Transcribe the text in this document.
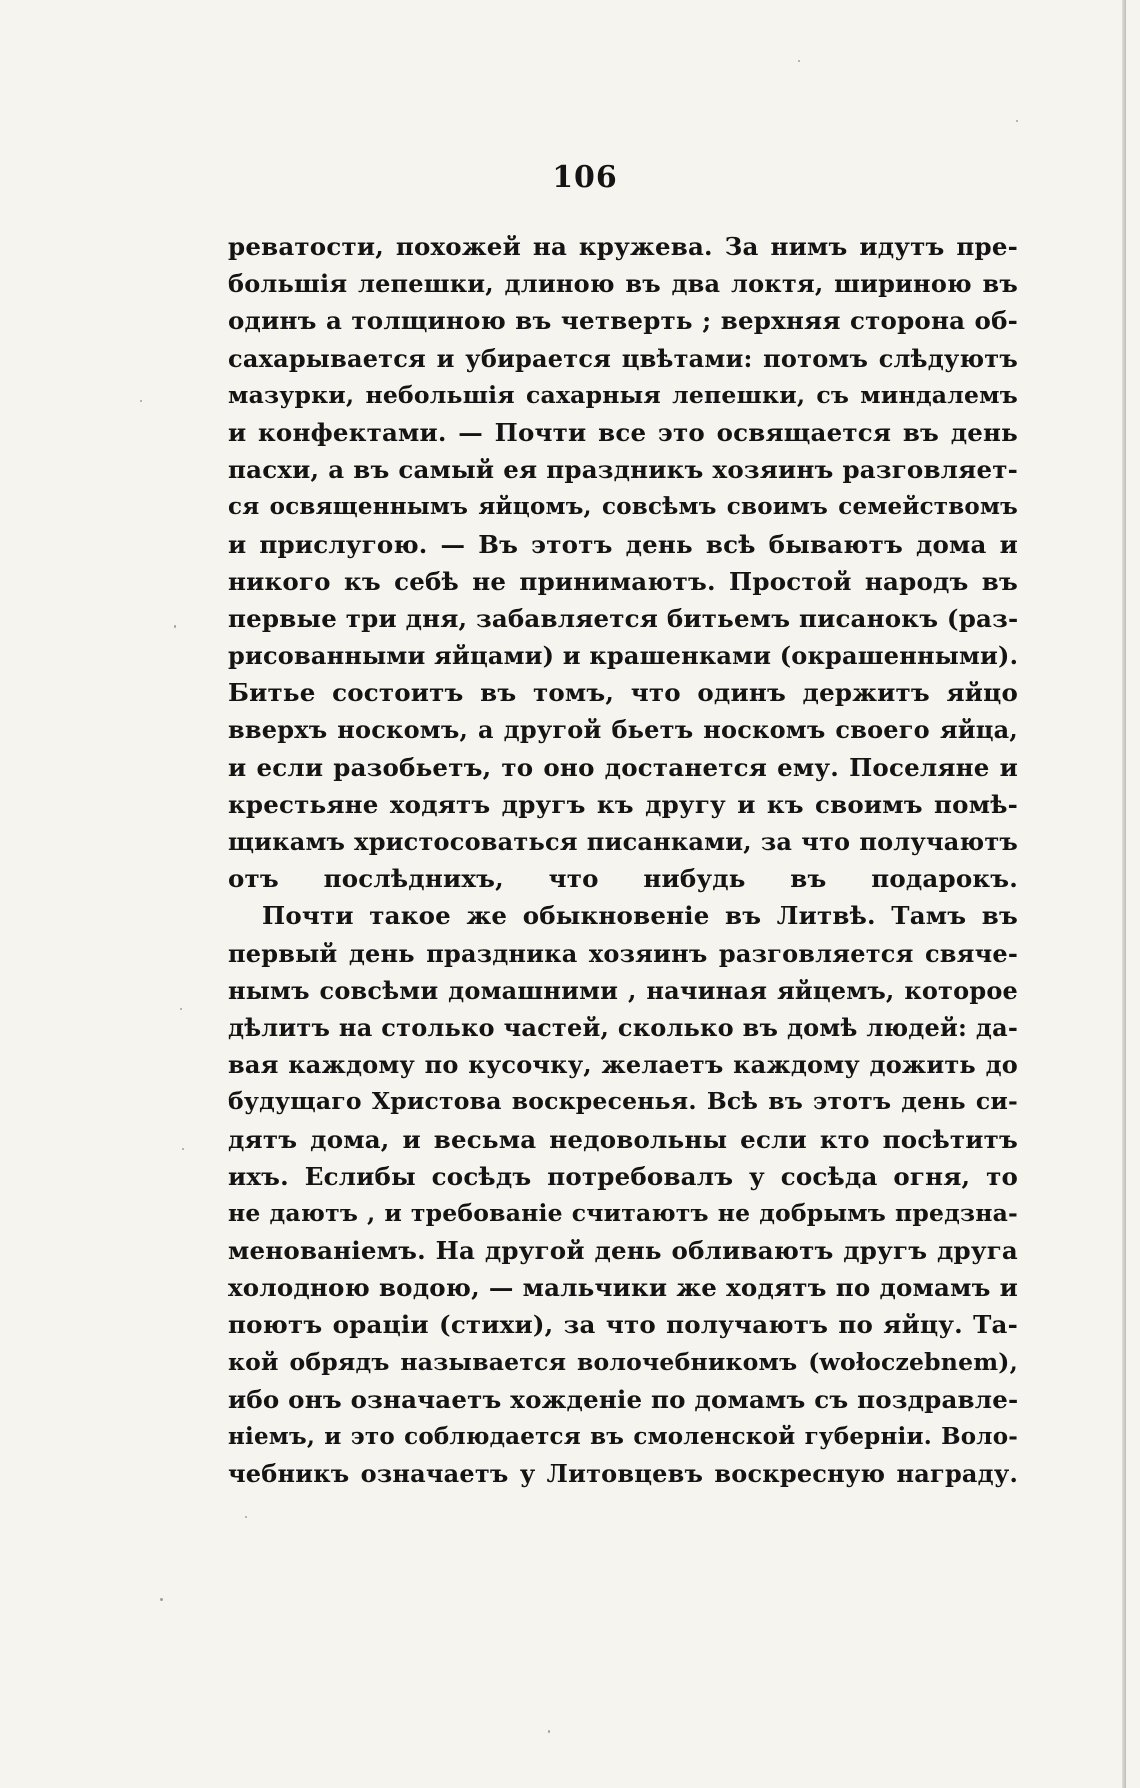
106
реватости, похожей на кружева. За нимъ идутъ пре-
большія лепешки, длиною въ два локтя, шириною въ
одинъ а толщиною въ четверть ; верхняя сторона об-
сахарывается и убирается цвѣтами: потомъ слѣдуютъ
мазурки, небольшія сахарныя лепешки, съ миндалемъ
и конфектами. — Почти все это освящается въ день
пасхи, а въ самый ея праздникъ хозяинъ разговляет-
ся освященнымъ яйцомъ, совсѣмъ своимъ семействомъ
и прислугою. — Въ этотъ день всѣ бываютъ дома и
никого къ себѣ не принимаютъ. Простой народъ въ
первые три дня, забавляется битьемъ писанокъ (раз-
рисованными яйцами) и крашенками (окрашенными).
Битье состоитъ въ томъ, что одинъ держитъ яйцо
вверхъ носкомъ, а другой бьетъ носкомъ своего яйца,
и если разобьетъ, то оно достанется ему. Поселяне и
крестьяне ходятъ другъ къ другу и къ своимъ помѣ-
щикамъ христосоваться писанками, за что получаютъ
отъ послѣднихъ, что нибудь въ подарокъ.
Почти такое же обыкновеніе въ Литвѣ. Тамъ въ
первый день праздника хозяинъ разговляется свяче-
нымъ совсѣми домашними , начиная яйцемъ, которое
дѣлитъ на столько частей, сколько въ домѣ людей: да-
вая каждому по кусочку, желаетъ каждому дожить до
будущаго Христова воскресенья. Всѣ въ этотъ день си-
дятъ дома, и весьма недовольны если кто посѣтитъ
ихъ. Еслибы сосѣдъ потребовалъ у сосѣда огня, то
не даютъ , и требованіе считаютъ не добрымъ предзна-
менованіемъ. На другой день обливаютъ другъ друга
холодною водою, — мальчики же ходятъ по домамъ и
поютъ ораціи (стихи), за что получаютъ по яйцу. Та-
кой обрядъ называется волочебникомъ (wołoczebnem),
ибо онъ означаетъ хожденіе по домамъ съ поздравле-
ніемъ, и это соблюдается въ смоленской губерніи. Воло-
чебникъ означаетъ у Литовцевъ воскресную награду.
